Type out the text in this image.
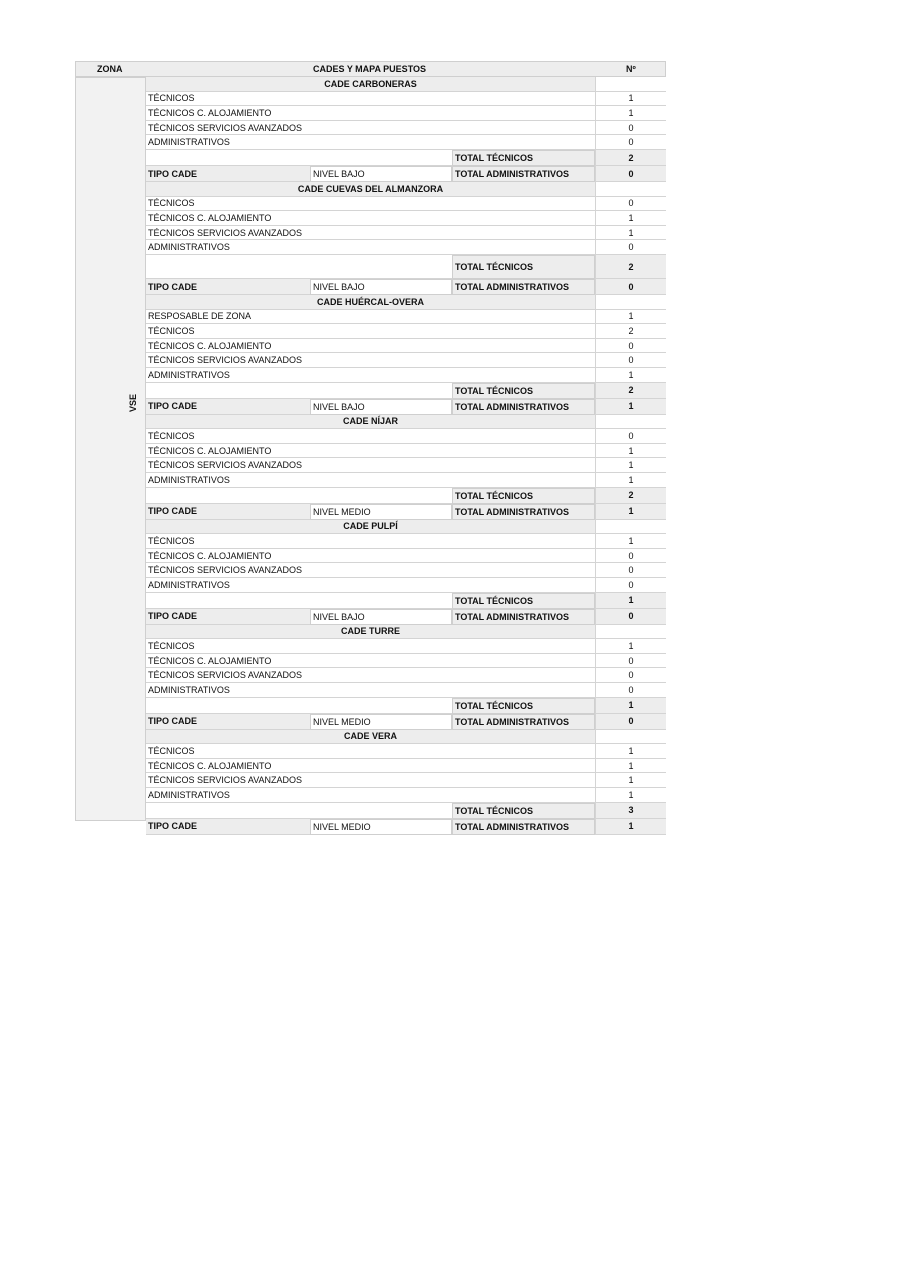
ZONA	CADES Y MAPA PUESTOS	Nº
VSE
CADE CARBONERAS
TÉCNICOS	1
TÉCNICOS C. ALOJAMIENTO	1
TÉCNICOS SERVICIOS AVANZADOS	0
ADMINISTRATIVOS	0
TOTAL TÉCNICOS	2
TIPO CADE	NIVEL BAJO	TOTAL ADMINISTRATIVOS	0
CADE CUEVAS DEL ALMANZORA
TÉCNICOS	0
TÉCNICOS C. ALOJAMIENTO	1
TÉCNICOS SERVICIOS AVANZADOS	1
ADMINISTRATIVOS	0
TOTAL TÉCNICOS	2
TIPO CADE	NIVEL BAJO	TOTAL ADMINISTRATIVOS	0
CADE HUÉRCAL-OVERA
RESPOSABLE DE ZONA	1
TÉCNICOS	2
TÉCNICOS C. ALOJAMIENTO	0
TÉCNICOS SERVICIOS AVANZADOS	0
ADMINISTRATIVOS	1
TOTAL TÉCNICOS	2
TIPO CADE	NIVEL BAJO	TOTAL ADMINISTRATIVOS	1
CADE NÍJAR
TÉCNICOS	0
TÉCNICOS C. ALOJAMIENTO	1
TÉCNICOS SERVICIOS AVANZADOS	1
ADMINISTRATIVOS	1
TOTAL TÉCNICOS	2
TIPO CADE	NIVEL MEDIO	TOTAL ADMINISTRATIVOS	1
CADE PULPÍ
TÉCNICOS	1
TÉCNICOS C. ALOJAMIENTO	0
TÉCNICOS SERVICIOS AVANZADOS	0
ADMINISTRATIVOS	0
TOTAL TÉCNICOS	1
TIPO CADE	NIVEL BAJO	TOTAL ADMINISTRATIVOS	0
CADE TURRE
TÉCNICOS	1
TÉCNICOS C. ALOJAMIENTO	0
TÉCNICOS SERVICIOS AVANZADOS	0
ADMINISTRATIVOS	0
TOTAL TÉCNICOS	1
TIPO CADE	NIVEL MEDIO	TOTAL ADMINISTRATIVOS	0
CADE VERA
TÉCNICOS	1
TÉCNICOS C. ALOJAMIENTO	1
TÉCNICOS SERVICIOS AVANZADOS	1
ADMINISTRATIVOS	1
TOTAL TÉCNICOS	3
TIPO CADE	NIVEL MEDIO	TOTAL ADMINISTRATIVOS	1
